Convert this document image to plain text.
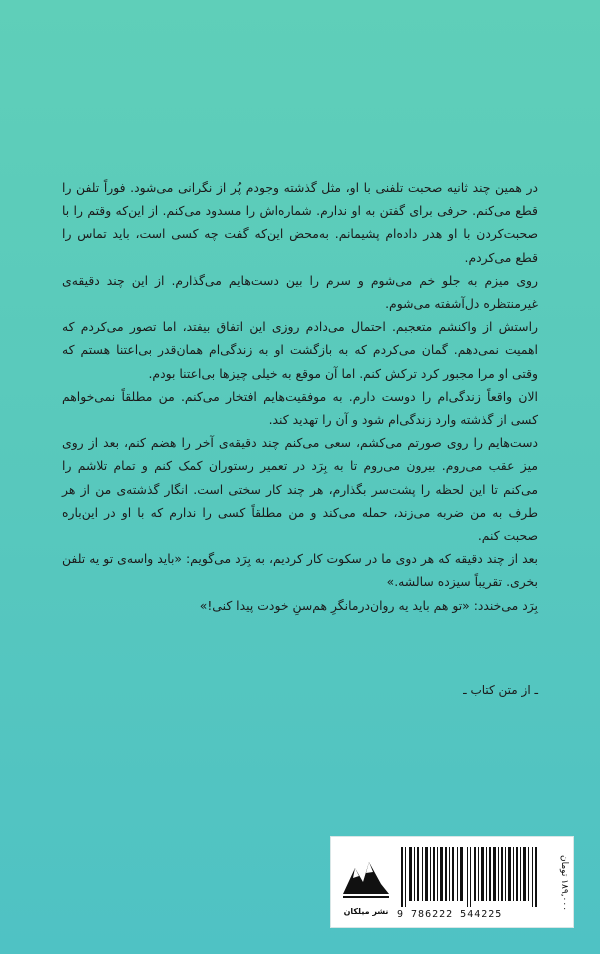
در همین چند ثانیه صحبت تلفنی با او، مثل گذشته وجودم پُر از نگرانی می‌شود. فوراً تلفن را قطع می‌کنم. حرفی برای گفتن به او ندارم. شماره‌اش را مسدود می‌کنم. از این‌که وقتم را با صحبت‌کردن با او هدر داده‌ام پشیمانم. به‌محض این‌که گفت چه کسی است، باید تماس را قطع می‌کردم.

روی میزم به جلو خم می‌شوم و سرم را بین دست‌هایم می‌گذارم. از این چند دقیقه‌ی غیرمنتظره دل‌آشفته می‌شوم.

راستش از واکنشم متعجبم. احتمال می‌دادم روزی این اتفاق بیفتد، اما تصور می‌کردم که اهمیت نمی‌دهم. گمان می‌کردم که به بازگشت او به زندگی‌ام همان‌قدر بی‌اعتنا هستم که وقتی او مرا مجبور کرد ترکش کنم. اما آن موقع به خیلی چیزها بی‌اعتنا بودم.

الان واقعاً زندگی‌ام را دوست دارم. به موفقیت‌هایم افتخار می‌کنم. من مطلقاً نمی‌خواهم کسی از گذشته وارد زندگی‌ام شود و آن را تهدید کند.

دست‌هایم را روی صورتم می‌کشم، سعی می‌کنم چند دقیقه‌ی آخر را هضم کنم، بعد از روی میز عقب می‌روم. بیرون می‌روم تا به بِرَد در تعمیر رستوران کمک کنم و تمام تلاشم را می‌کنم تا این لحظه را پشت‌سر بگذارم، هر چند کار سختی است. انگار گذشته‌ی من از هر طرف به من ضربه می‌زند، حمله می‌کند و من مطلقاً کسی را ندارم که با او در این‌باره صحبت کنم.

بعد از چند دقیقه که هر دوی ما در سکوت کار کردیم، به بِرَد می‌گویم: «باید واسه‌ی تو یه تلفن بخری. تقریباً سیزده سالشه.»

بِرَد می‌خندد: «تو هم باید یه روان‌درمانگرِ هم‌سنِ خودت پیدا کنی!»

ـ از متن کتاب ـ
نشر میلکان 9 786222 544225
۱۸۹,۰۰۰ تومان
